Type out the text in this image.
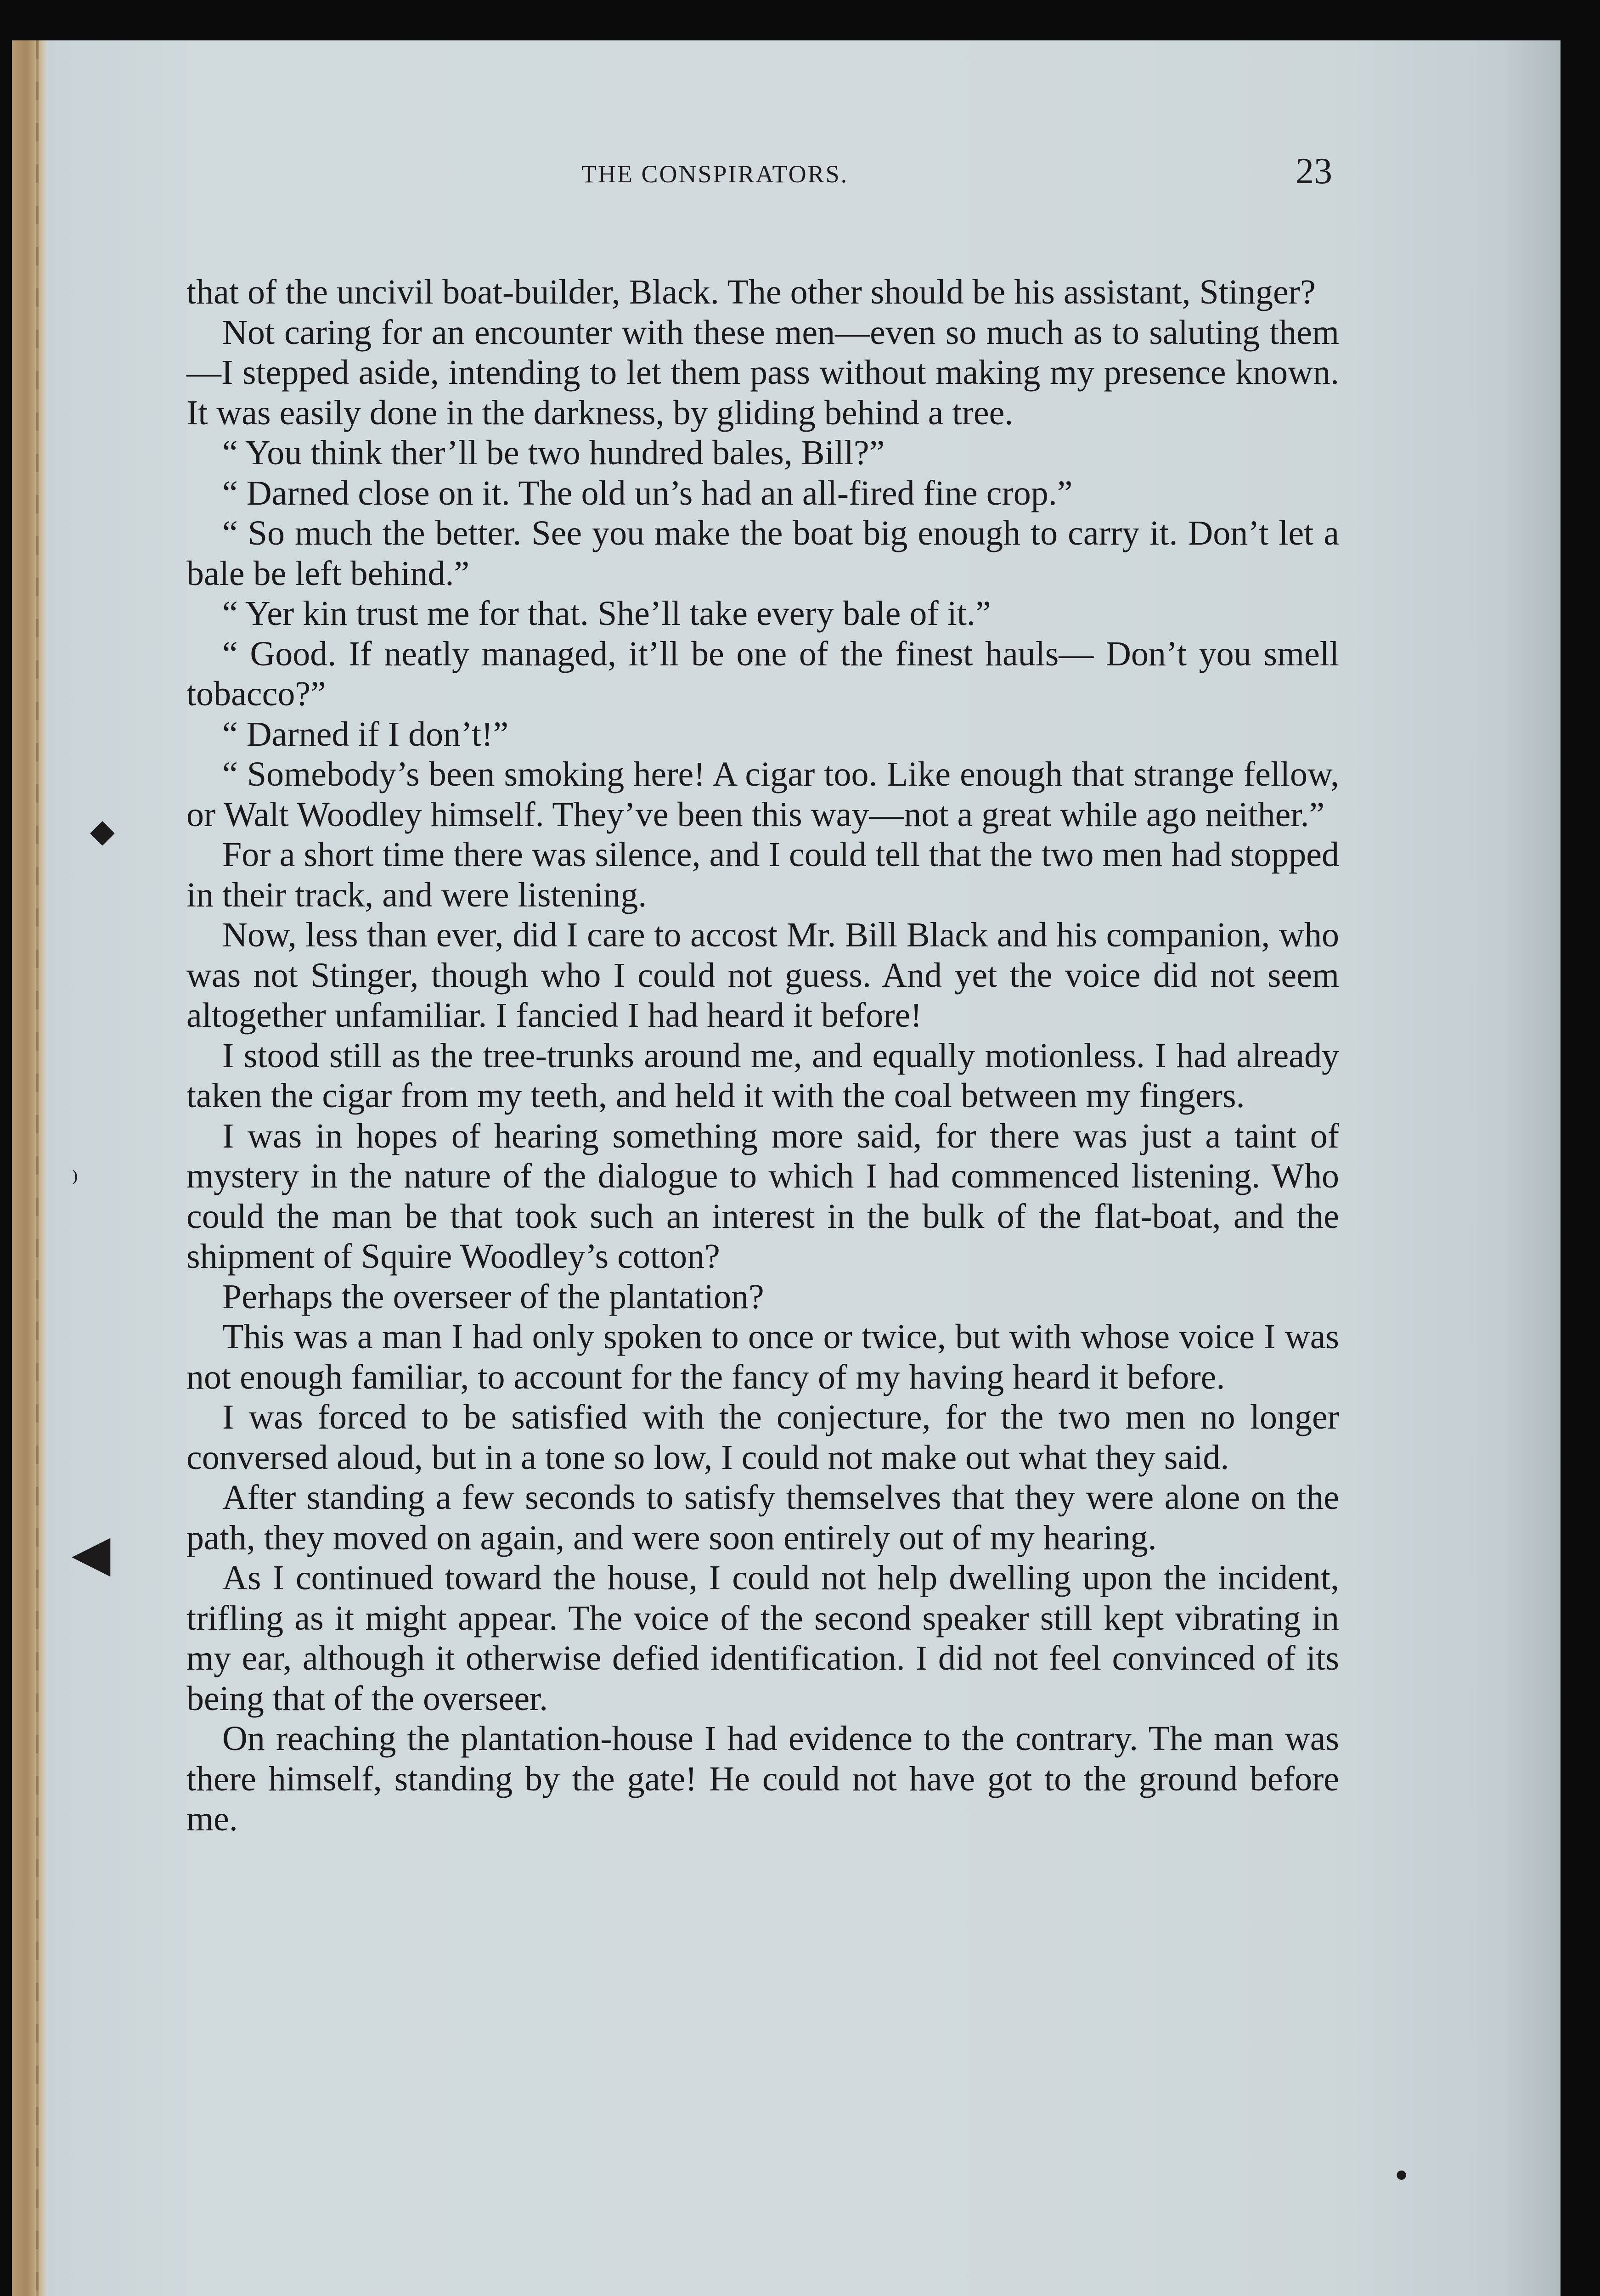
◆
⁾
◀
•
THE CONSPIRATORS.	23

that of the uncivil boat-builder, Black. The other should be his assistant, Stinger?

Not caring for an encounter with these men—even so much as to saluting them—I stepped aside, intending to let them pass without making my presence known. It was easily done in the darkness, by gliding behind a tree.

“ You think ther’ll be two hundred bales, Bill?”

“ Darned close on it. The old un’s had an all-fired fine crop.”

“ So much the better. See you make the boat big enough to carry it. Don’t let a bale be left behind.”

“ Yer kin trust me for that. She’ll take every bale of it.”

“ Good. If neatly managed, it’ll be one of the finest hauls— Don’t you smell tobacco?”

“ Darned if I don’t!”

“ Somebody’s been smoking here! A cigar too. Like enough that strange fellow, or Walt Woodley himself. They’ve been this way—not a great while ago neither.”

For a short time there was silence, and I could tell that the two men had stopped in their track, and were listening.

Now, less than ever, did I care to accost Mr. Bill Black and his companion, who was not Stinger, though who I could not guess. And yet the voice did not seem altogether unfamiliar. I fancied I had heard it before!

I stood still as the tree-trunks around me, and equally motionless. I had already taken the cigar from my teeth, and held it with the coal between my fingers.

I was in hopes of hearing something more said, for there was just a taint of mystery in the nature of the dialogue to which I had commenced listening. Who could the man be that took such an interest in the bulk of the flat-boat, and the shipment of Squire Woodley’s cotton?

Perhaps the overseer of the plantation?

This was a man I had only spoken to once or twice, but with whose voice I was not enough familiar, to account for the fancy of my having heard it before.

I was forced to be satisfied with the conjecture, for the two men no longer conversed aloud, but in a tone so low, I could not make out what they said.

After standing a few seconds to satisfy themselves that they were alone on the path, they moved on again, and were soon entirely out of my hearing.

As I continued toward the house, I could not help dwelling upon the incident, trifling as it might appear. The voice of the second speaker still kept vibrating in my ear, although it otherwise defied identification. I did not feel convinced of its being that of the overseer.

On reaching the plantation-house I had evidence to the contrary. The man was there himself, standing by the gate! He could not have got to the ground before me.
